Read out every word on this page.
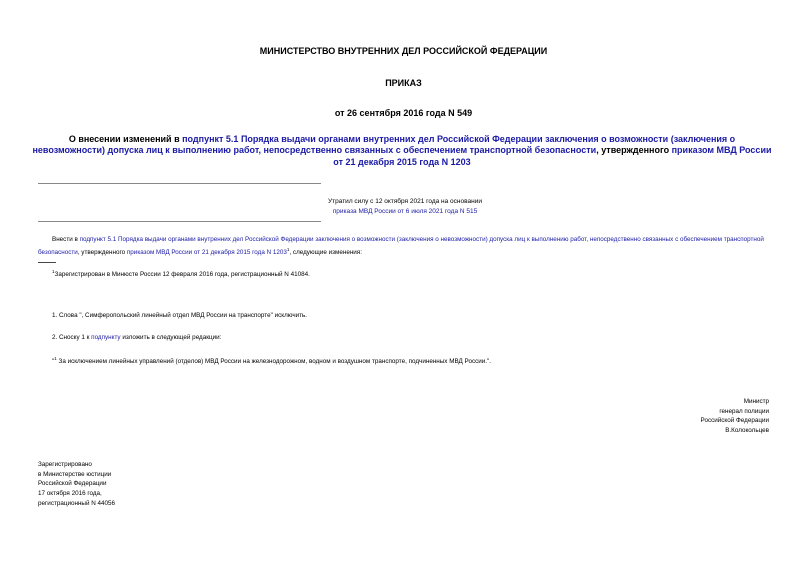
МИНИСТЕРСТВО ВНУТРЕННИХ ДЕЛ РОССИЙСКОЙ ФЕДЕРАЦИИ
ПРИКАЗ
от 26 сентября 2016 года N 549
О внесении изменений в подпункт 5.1 Порядка выдачи органами внутренних дел Российской Федерации заключения о возможности (заключения о невозможности) допуска лиц к выполнению работ, непосредственно связанных с обеспечением транспортной безопасности, утвержденного приказом МВД России от 21 декабря 2015 года N 1203
Утратил силу с 12 октября 2021 года на основании
приказа МВД России от 6 июля 2021 года N 515
Внести в подпункт 5.1 Порядка выдачи органами внутренних дел Российской Федерации заключения о возможности (заключения о невозможности) допуска лиц к выполнению работ, непосредственно связанных с обеспечением транспортной безопасности, утвержденного приказом МВД России от 21 декабря 2015 года N 1203$^1$, следующие изменения:
$^1$Зарегистрирован в Минюсте России 12 февраля 2016 года, регистрационный N 41084.
1. Слова ", Симферопольский линейный отдел МВД России на транспорте" исключить.
2. Сноску 1 к подпункту изложить в следующей редакции:
"$^1$ За исключением линейных управлений (отделов) МВД России на железнодорожном, водном и воздушном транспорте, подчиненных МВД России.".
Министр
генерал полиции
Российской Федерации
В.Колокольцев
Зарегистрировано
в Министерстве юстиции
Российской Федерации
17 октября 2016 года,
регистрационный N 44056
